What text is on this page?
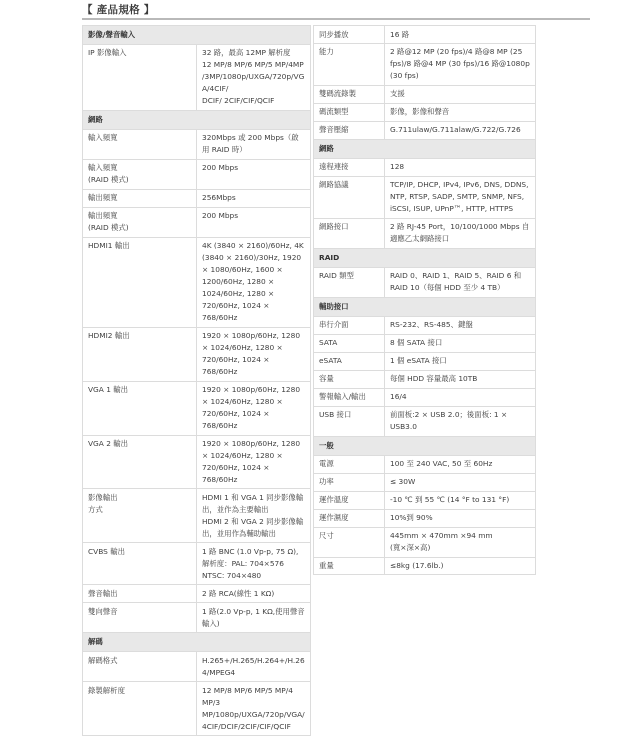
【 產品規格 】
影像/聲音輸入	
IP 影像輸入	32 路，最高 12MP 解析度
12 MP/8 MP/6 MP/5 MP/4MP
/3MP/1080p/UXGA/720p/VGA/4CIF/
DCIF/ 2CIF/CIF/QCIF
網路	
輸入頻寬	320Mbps 或 200 Mbps（啟用 RAID 時）
輸入頻寬
(RAID 模式)	200 Mbps
輸出頻寬	256Mbps
輸出頻寬
(RAID 模式)	200 Mbps
HDMI1 輸出	4K (3840 × 2160)/60Hz, 4K (3840 × 2160)/30Hz, 1920 × 1080/60Hz, 1600 × 1200/60Hz, 1280 × 1024/60Hz, 1280 × 720/60Hz, 1024 × 768/60Hz
HDMI2 輸出	1920 × 1080p/60Hz, 1280 × 1024/60Hz, 1280 × 720/60Hz, 1024 × 768/60Hz
VGA 1 輸出	1920 × 1080p/60Hz, 1280 × 1024/60Hz, 1280 × 720/60Hz, 1024 × 768/60Hz
VGA 2 輸出	1920 × 1080p/60Hz, 1280 × 1024/60Hz, 1280 × 720/60Hz, 1024 × 768/60Hz
影像輸出
方式	HDMI 1 和 VGA 1 同步影像輸出，並作為主要輸出
HDMI 2 和 VGA 2 同步影像輸出，並用作為輔助輸出
CVBS 輸出	1 路 BNC (1.0 Vp-p, 75 Ω),
解析度：PAL: 704×576 NTSC: 704×480
聲音輸出	2 路 RCA(線性 1 KΩ)
雙向聲音	1 路(2.0 Vp-p, 1 KΩ,使用聲音輸入)
解碼	
解碼格式	H.265+/H.265/H.264+/H.264/MPEG4
錄製解析度	12 MP/8 MP/6 MP/5 MP/4 MP/3 MP/1080p/UXGA/720p/VGA/4CIF/DCIF/2CIF/CIF/QCIF
同步播放	16 路
能力	2 路@12 MP (20 fps)/4 路@8 MP (25 fps)/8 路@4 MP (30 fps)/16 路@1080p (30 fps)
雙碼流錄製	支援
碼流類型	影像，影像和聲音
聲音壓縮	G.711ulaw/G.711alaw/G.722/G.726
網路	
遠程連接	128
網路協議	TCP/IP, DHCP, IPv4, IPv6, DNS, DDNS, NTP, RTSP, SADP, SMTP, SNMP, NFS, iSCSI, ISUP, UPnP™, HTTP, HTTPS
網路接口	2 路 RJ-45 Port，10/100/1000 Mbps 自適應乙太網路接口
RAID	
RAID 類型	RAID 0、RAID 1、RAID 5、RAID 6 和 RAID 10（每個 HDD 至少 4 TB）
輔助接口	
串行介面	RS-232、RS-485、鍵盤
SATA	8 個 SATA 接口
eSATA	1 個 eSATA 接口
容量	每個 HDD 容量最高 10TB
警報輸入/輸出	16/4
USB 接口	前面板:2 × USB 2.0；後面板: 1 × USB3.0
一般	
電源	100 至 240 VAC, 50 至 60Hz
功率	≤ 30W
運作溫度	-10 ℃ 到 55 ℃ (14 °F to 131 °F)
運作濕度	10%到 90%
尺寸	445mm × 470mm ×94 mm
(寬×深×高)
重量	≤8kg (17.6lb.)
